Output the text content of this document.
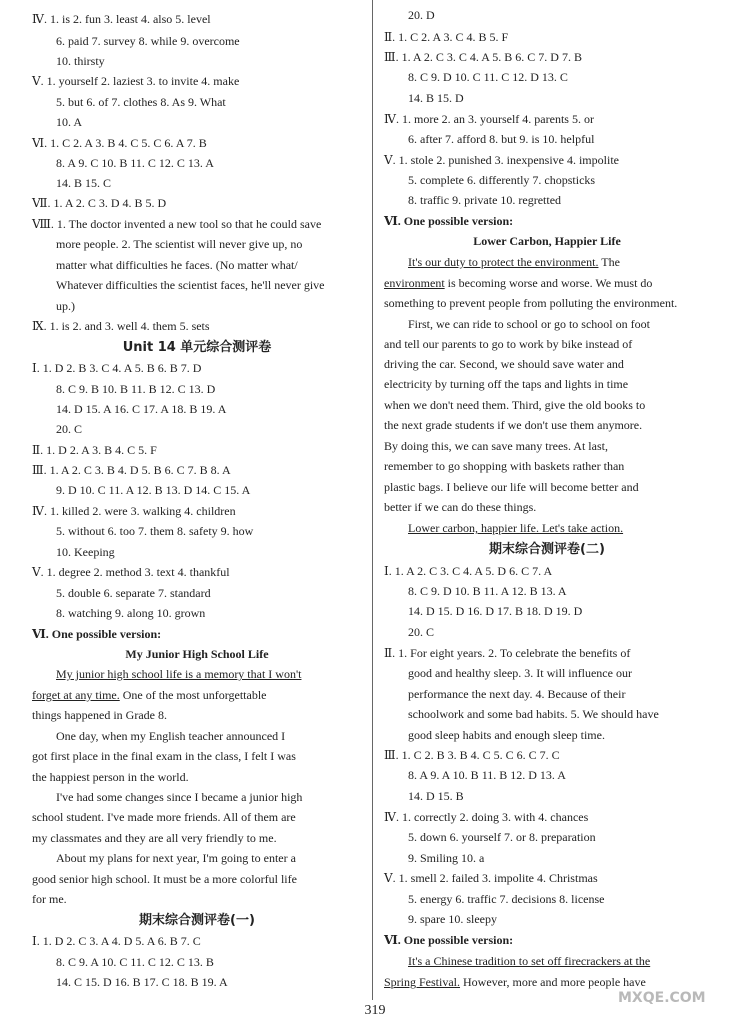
Ⅳ. 1. is 2. fun 3. least 4. also 5. level
6. paid 7. survey 8. while 9. overcome
10. thirsty
Ⅴ. 1. yourself 2. laziest 3. to invite 4. make
5. but 6. of 7. clothes 8. As 9. What
10. A
Ⅵ. 1. C 2. A 3. B 4. C 5. C 6. A 7. B
8. A 9. C 10. B 11. C 12. C 13. A
14. B 15. C
Ⅶ. 1. A 2. C 3. D 4. B 5. D
Ⅷ. 1. The doctor invented a new tool so that he could save
more people. 2. The scientist will never give up, no
matter what difficulties he faces. (No matter what/
Whatever difficulties the scientist faces, he'll never give
up.)
Ⅸ. 1. is 2. and 3. well 4. them 5. sets
Unit 14 单元综合测评卷
Ⅰ. 1. D 2. B 3. C 4. A 5. B 6. B 7. D
8. C 9. B 10. B 11. B 12. C 13. D
14. D 15. A 16. C 17. A 18. B 19. A
20. C
Ⅱ. 1. D 2. A 3. B 4. C 5. F
Ⅲ. 1. A 2. C 3. B 4. D 5. B 6. C 7. B 8. A
9. D 10. C 11. A 12. B 13. D 14. C 15. A
Ⅳ. 1. killed 2. were 3. walking 4. children
5. without 6. too 7. them 8. safety 9. how
10. Keeping
Ⅴ. 1. degree 2. method 3. text 4. thankful
5. double 6. separate 7. standard
8. watching 9. along 10. grown
Ⅵ. One possible version:
My Junior High School Life
My junior high school life is a memory that I won't
forget at any time. One of the most unforgettable
things happened in Grade 8.
One day, when my English teacher announced I
got first place in the final exam in the class, I felt I was
the happiest person in the world.
I've had some changes since I became a junior high
school student. I've made more friends. All of them are
my classmates and they are all very friendly to me.
About my plans for next year, I'm going to enter a
good senior high school. It must be a more colorful life
for me.
期末综合测评卷(一)
Ⅰ. 1. D 2. C 3. A 4. D 5. A 6. B 7. C
8. C 9. A 10. C 11. C 12. C 13. B
14. C 15. D 16. B 17. C 18. B 19. A
20. D
Ⅱ. 1. C 2. A 3. C 4. B 5. F
Ⅲ. 1. A 2. C 3. C 4. A 5. B 6. C 7. D 7. B
8. C 9. D 10. C 11. C 12. D 13. C
14. B 15. D
Ⅳ. 1. more 2. an 3. yourself 4. parents 5. or
6. after 7. afford 8. but 9. is 10. helpful
Ⅴ. 1. stole 2. punished 3. inexpensive 4. impolite
5. complete 6. differently 7. chopsticks
8. traffic 9. private 10. regretted
Ⅵ. One possible version:
Lower Carbon, Happier Life
It's our duty to protect the environment. The
environment is becoming worse and worse. We must do
something to prevent people from polluting the environment.
First, we can ride to school or go to school on foot
and tell our parents to go to work by bike instead of
driving the car. Second, we should save water and
electricity by turning off the taps and lights in time
when we don't need them. Third, give the old books to
the next grade students if we don't use them anymore.
By doing this, we can save many trees. At last,
remember to go shopping with baskets rather than
plastic bags. I believe our life will become better and
better if we can do these things.
Lower carbon, happier life. Let's take action.
期末综合测评卷(二)
Ⅰ. 1. A 2. C 3. C 4. A 5. D 6. C 7. A
8. C 9. D 10. B 11. A 12. B 13. A
14. D 15. D 16. D 17. B 18. D 19. D
20. C
Ⅱ. 1. For eight years. 2. To celebrate the benefits of
good and healthy sleep. 3. It will influence our
performance the next day. 4. Because of their
schoolwork and some bad habits. 5. We should have
good sleep habits and enough sleep time.
Ⅲ. 1. C 2. B 3. B 4. C 5. C 6. C 7. C
8. A 9. A 10. B 11. B 12. D 13. A
14. D 15. B
Ⅳ. 1. correctly 2. doing 3. with 4. chances
5. down 6. yourself 7. or 8. preparation
9. Smiling 10. a
Ⅴ. 1. smell 2. failed 3. impolite 4. Christmas
5. energy 6. traffic 7. decisions 8. license
9. spare 10. sleepy
Ⅵ. One possible version:
It's a Chinese tradition to set off firecrackers at the
Spring Festival. However, more and more people have
319
MXQE.COM
